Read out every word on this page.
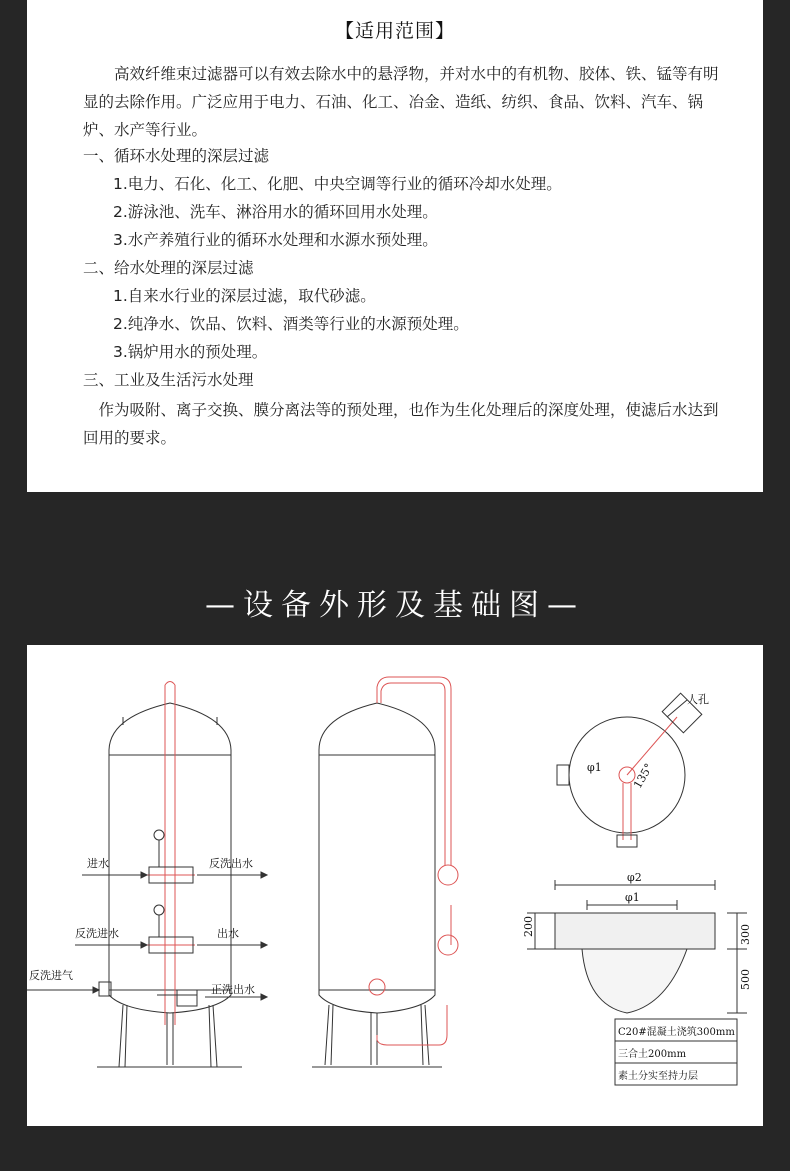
【适用范围】
高效纤维束过滤器可以有效去除水中的悬浮物，并对水中的有机物、胶体、铁、锰等有明显的去除作用。广泛应用于电力、石油、化工、冶金、造纸、纺织、食品、饮料、汽车、锅炉、水产等行业。
一、循环水处理的深层过滤
1.电力、石化、化工、化肥、中央空调等行业的循环冷却水处理。
2.游泳池、洗车、淋浴用水的循环回用水处理。
3.水产养殖行业的循环水处理和水源水预处理。
二、给水处理的深层过滤
1.自来水行业的深层过滤，取代砂滤。
2.纯净水、饮品、饮料、酒类等行业的水源预处理。
3.锅炉用水的预处理。
三、工业及生活污水处理
作为吸附、离子交换、膜分离法等的预处理，也作为生化处理后的深度处理，使滤后水达到回用的要求。
—设备外形及基础图—
进水	反洗出水
反洗进水	出水
反洗进气
正洗出水
人孔
φ1	135°
φ2
φ1
200	300
500
C20#混凝土浇筑300mm
三合土200mm
素土分实至持力层
